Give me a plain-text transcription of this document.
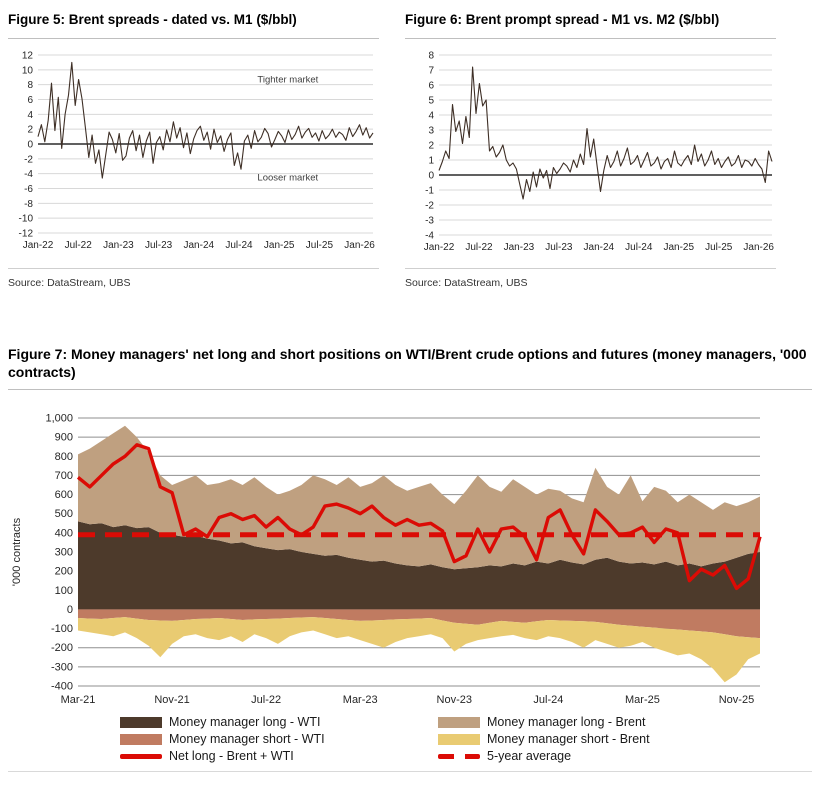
Figure 5: Brent spreads - dated vs. M1 ($/bbl)
12
10
8
6
4
2
0
-2
-4
-6
-8
-10
-12
Jan-22 Jul-22 Jan-23 Jul-23 Jan-24 Jul-24 Jan-25 Jul-25 Jan-26
Tighter market
Looser market
Source: DataStream, UBS
Figure 6: Brent prompt spread - M1 vs. M2 ($/bbl)
8
7
6
5
4
3
2
1
0
-1
-2
-3
-4
Jan-22 Jul-22 Jan-23 Jul-23 Jan-24 Jul-24 Jan-25 Jul-25 Jan-26
Source: DataStream, UBS
Figure 7: Money managers' net long and short positions on WTI/Brent crude options and futures (money managers, '000 contracts)
1,000
900
800
700
600
500
400
300
200
100
0
-100
-200
-300
-400
Mar-21	Nov-21	Jul-22	Mar-23	Nov-23	Jul-24	Mar-25	Nov-25
'000 contracts
Money manager long - WTI	Money manager long - Brent
Money manager short - WTI	Money manager short - Brent
Net long - Brent + WTI	5-year average
